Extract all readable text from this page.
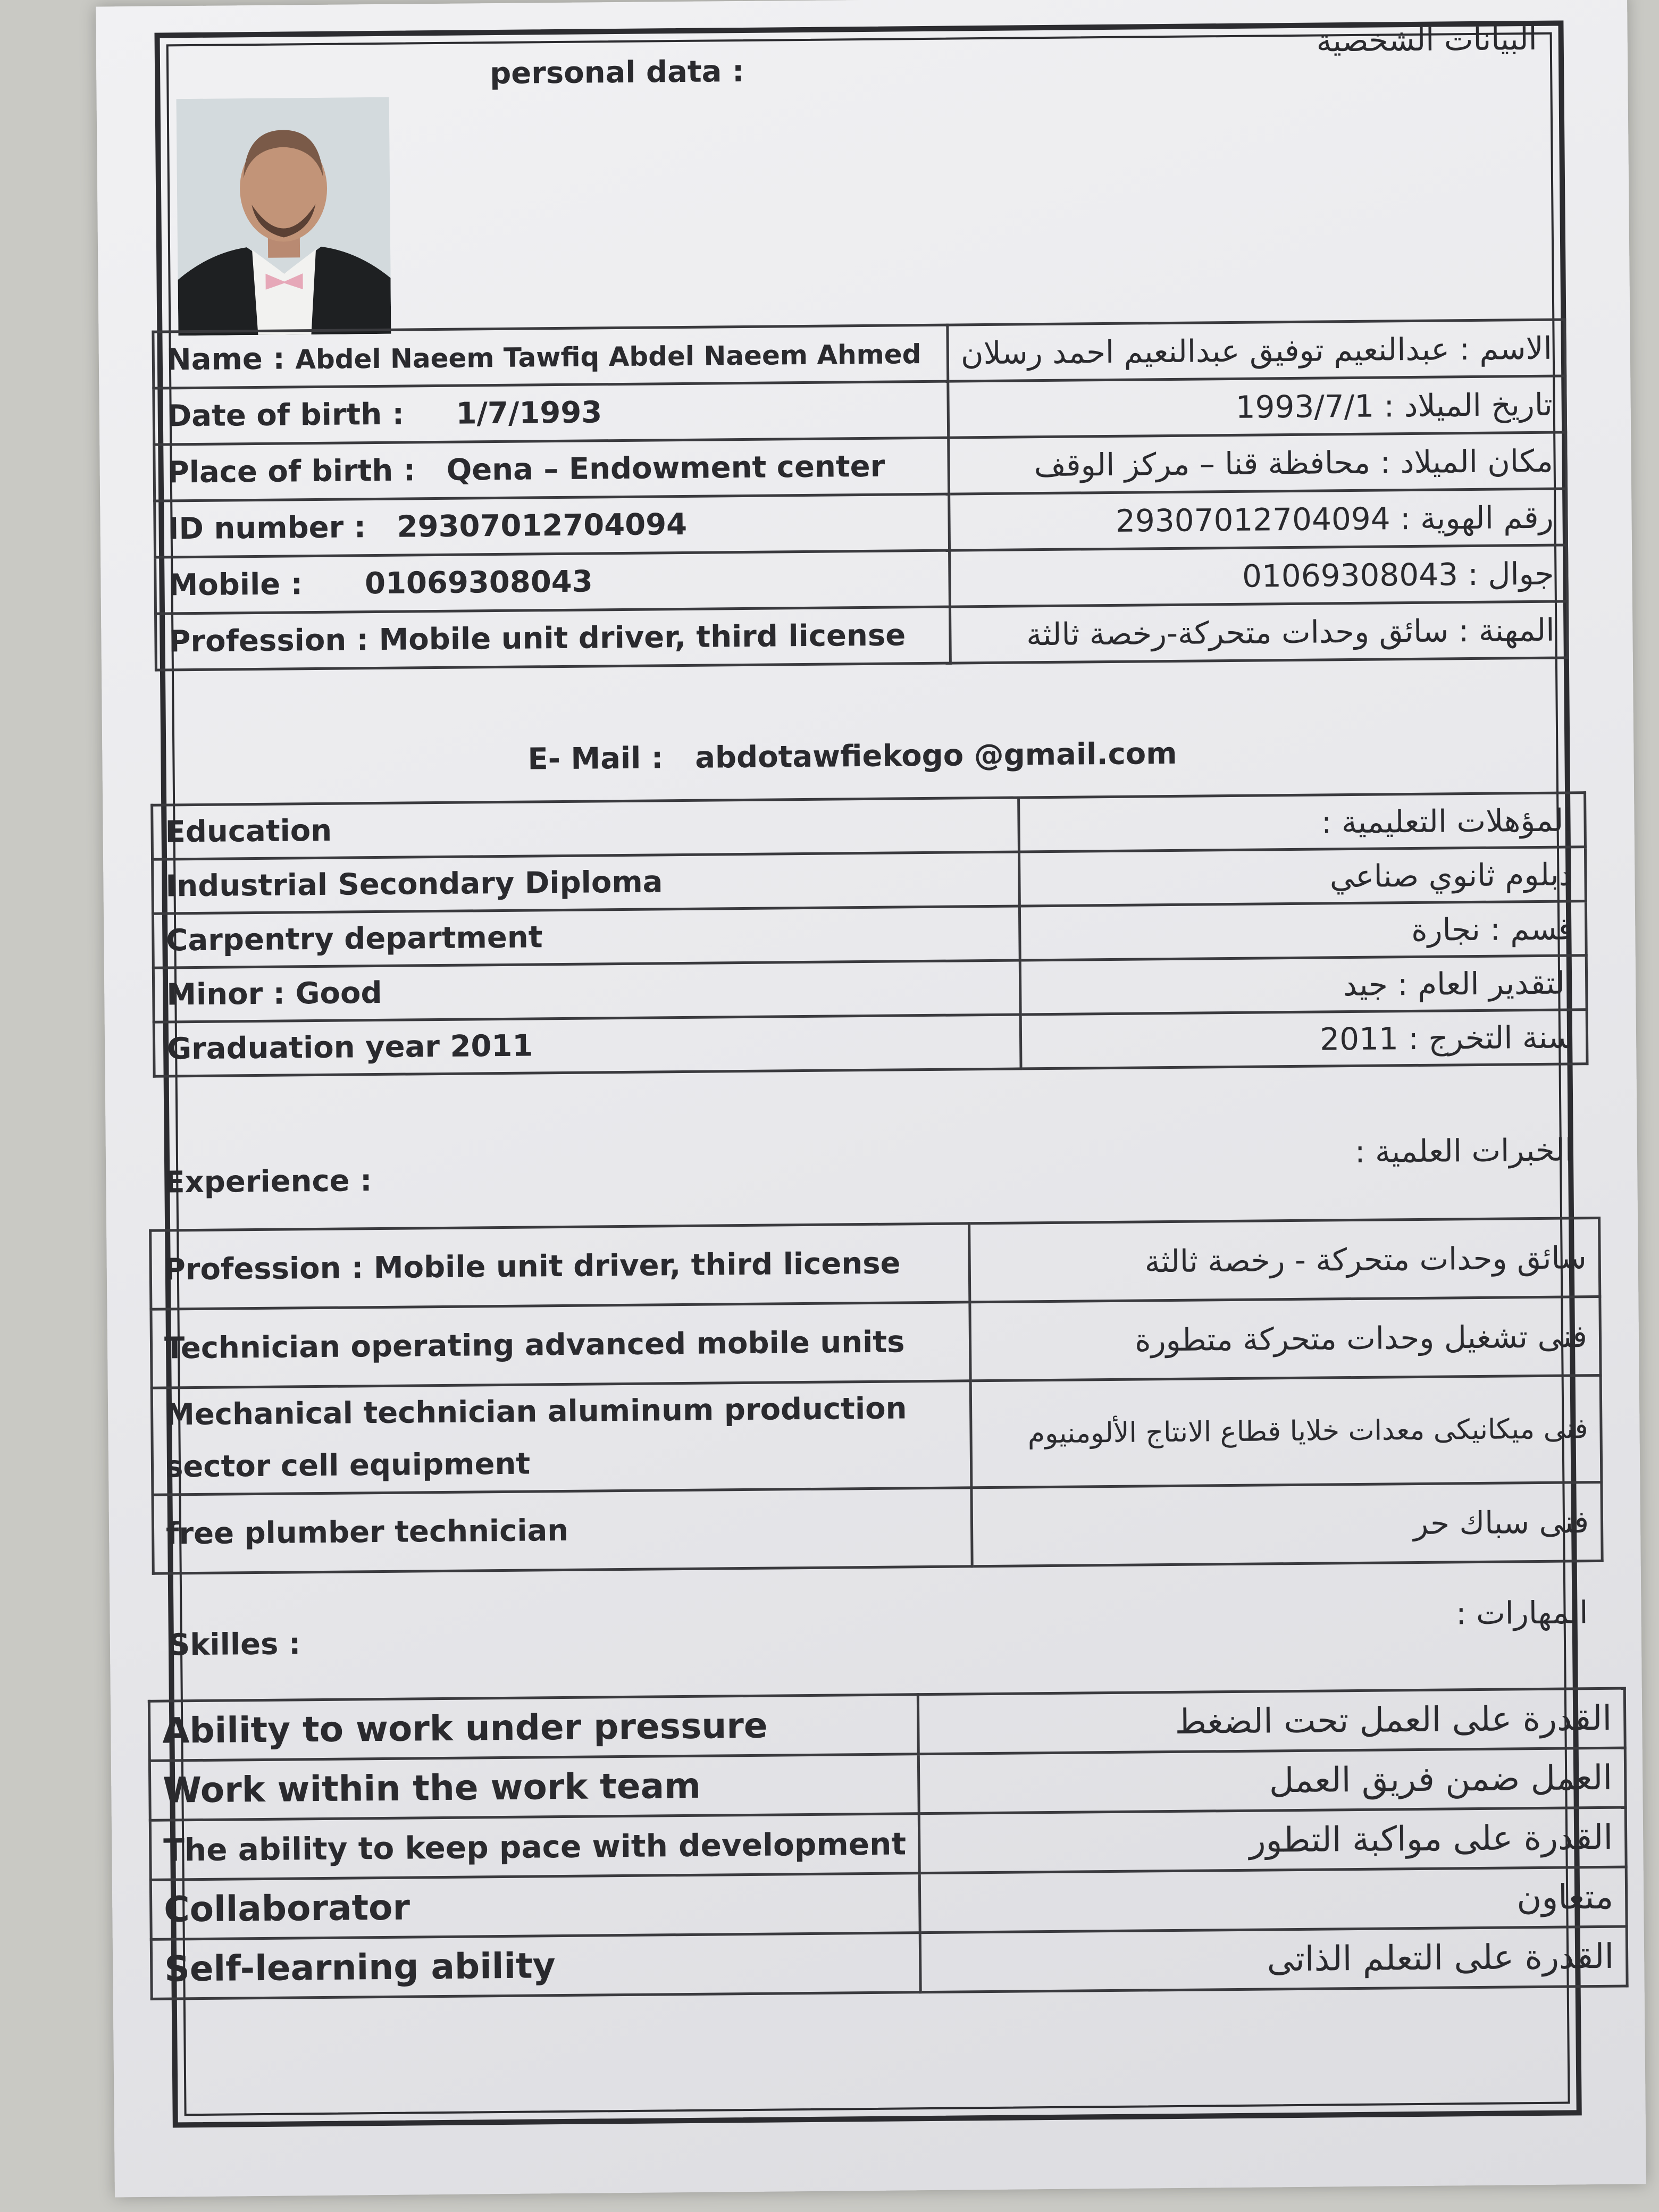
personal data :
البيانات الشخصية
Name : Abdel Naeem Tawfiq Abdel Naeem Ahmed	الاسم : عبدالنعيم توفيق عبدالنعيم احمد رسلان
Date of birth : 1/7/1993	تاريخ الميلاد : 1993/7/1
Place of birth : Qena – Endowment center	مكان الميلاد : محافظة قنا – مركز الوقف
ID number : 29307012704094	رقم الهوية : 29307012704094
Mobile : 01069308043	جوال : 01069308043
Profession : Mobile unit driver, third license	المهنة : سائق وحدات متحركة-رخصة ثالثة
E- Mail : abdotawfiekogo @gmail.com
Education	المؤهلات التعليمية :
Industrial Secondary Diploma	دبلوم ثانوي صناعي
Carpentry department	قسم : نجارة
Minor : Good	التقدير العام : جيد
Graduation year 2011	سنة التخرج : 2011
Experience :
الخبرات العلمية :
Profession : Mobile unit driver, third license	سائق وحدات متحركة - رخصة ثالثة
Technician operating advanced mobile units	فنى تشغيل وحدات متحركة متطورة
Mechanical technician aluminum production sector cell equipment	فنى ميكانيكى معدات خلايا قطاع الانتاج الألومنيوم
free plumber technician	فنى سباك حر
Skilles :
المهارات :
Ability to work under pressure	القدرة على العمل تحت الضغط
Work within the work team	العمل ضمن فريق العمل
The ability to keep pace with development	القدرة على مواكبة التطور
Collaborator	متعاون
Self-learning ability	القدرة على التعلم الذاتى
